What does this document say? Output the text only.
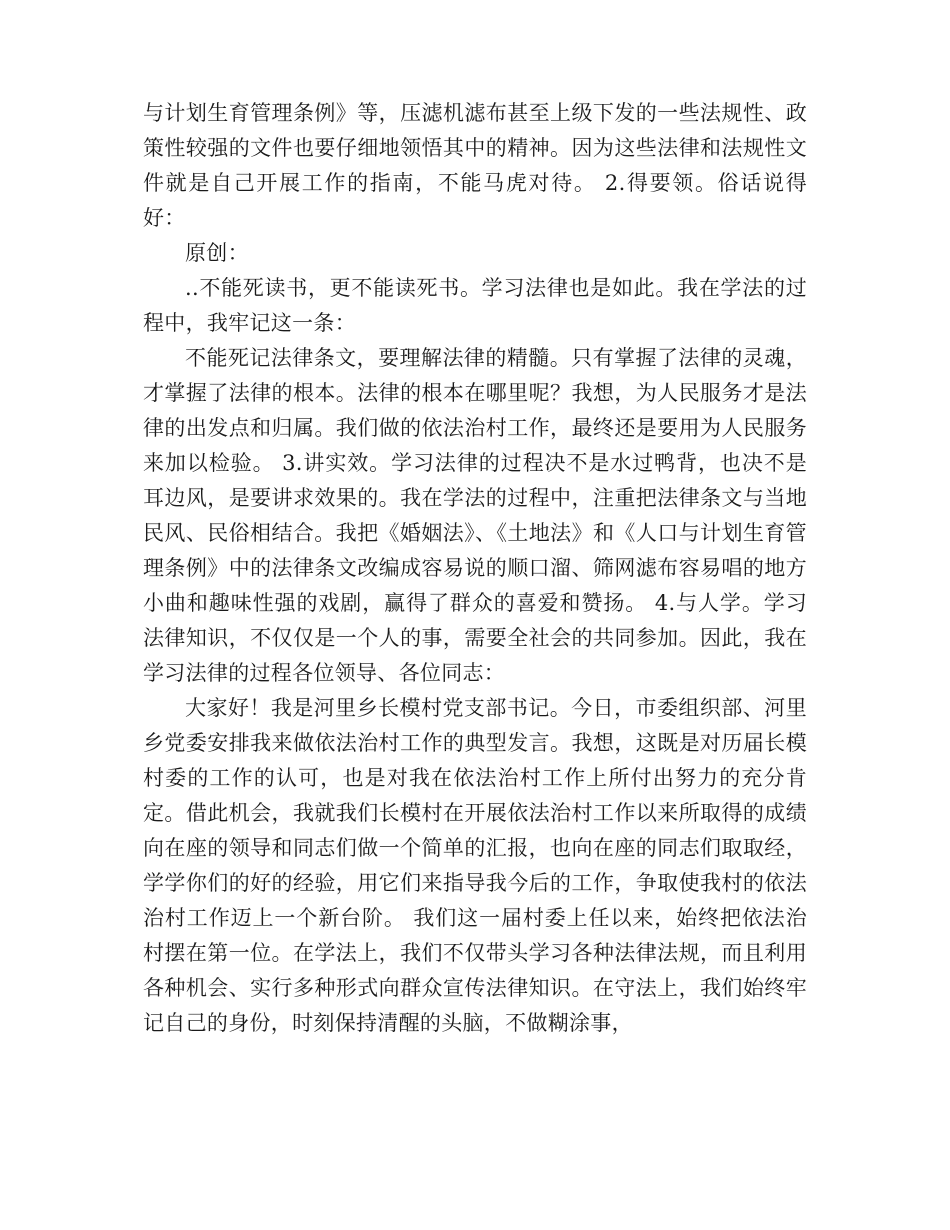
与计划生育管理条例》等，压滤机滤布甚至上级下发的一些法规性、政策性较强的文件也要仔细地领悟其中的精神。因为这些法律和法规性文件就是自己开展工作的指南，不能马虎对待。 2.得要领。俗话说得好：

原创：

..不能死读书，更不能读死书。学习法律也是如此。我在学法的过程中，我牢记这一条：

不能死记法律条文，要理解法律的精髓。只有掌握了法律的灵魂，才掌握了法律的根本。法律的根本在哪里呢？我想，为人民服务才是法律的出发点和归属。我们做的依法治村工作，最终还是要用为人民服务来加以检验。 3.讲实效。学习法律的过程决不是水过鸭背，也决不是耳边风，是要讲求效果的。我在学法的过程中，注重把法律条文与当地民风、民俗相结合。我把《婚姻法》、《土地法》和《人口与计划生育管理条例》中的法律条文改编成容易说的顺口溜、筛网滤布容易唱的地方小曲和趣味性强的戏剧，赢得了群众的喜爱和赞扬。 4.与人学。学习法律知识，不仅仅是一个人的事，需要全社会的共同参加。因此，我在学习法律的过程各位领导、各位同志：

大家好！我是河里乡长模村党支部书记。今日，市委组织部、河里乡党委安排我来做依法治村工作的典型发言。我想，这既是对历届长模村委的工作的认可，也是对我在依法治村工作上所付出努力的充分肯定。借此机会，我就我们长模村在开展依法治村工作以来所取得的成绩向在座的领导和同志们做一个简单的汇报，也向在座的同志们取取经，学学你们的好的经验，用它们来指导我今后的工作，争取使我村的依法治村工作迈上一个新台阶。 我们这一届村委上任以来，始终把依法治村摆在第一位。在学法上，我们不仅带头学习各种法律法规，而且利用各种机会、实行多种形式向群众宣传法律知识。在守法上，我们始终牢记自己的身份，时刻保持清醒的头脑，不做糊涂事，
